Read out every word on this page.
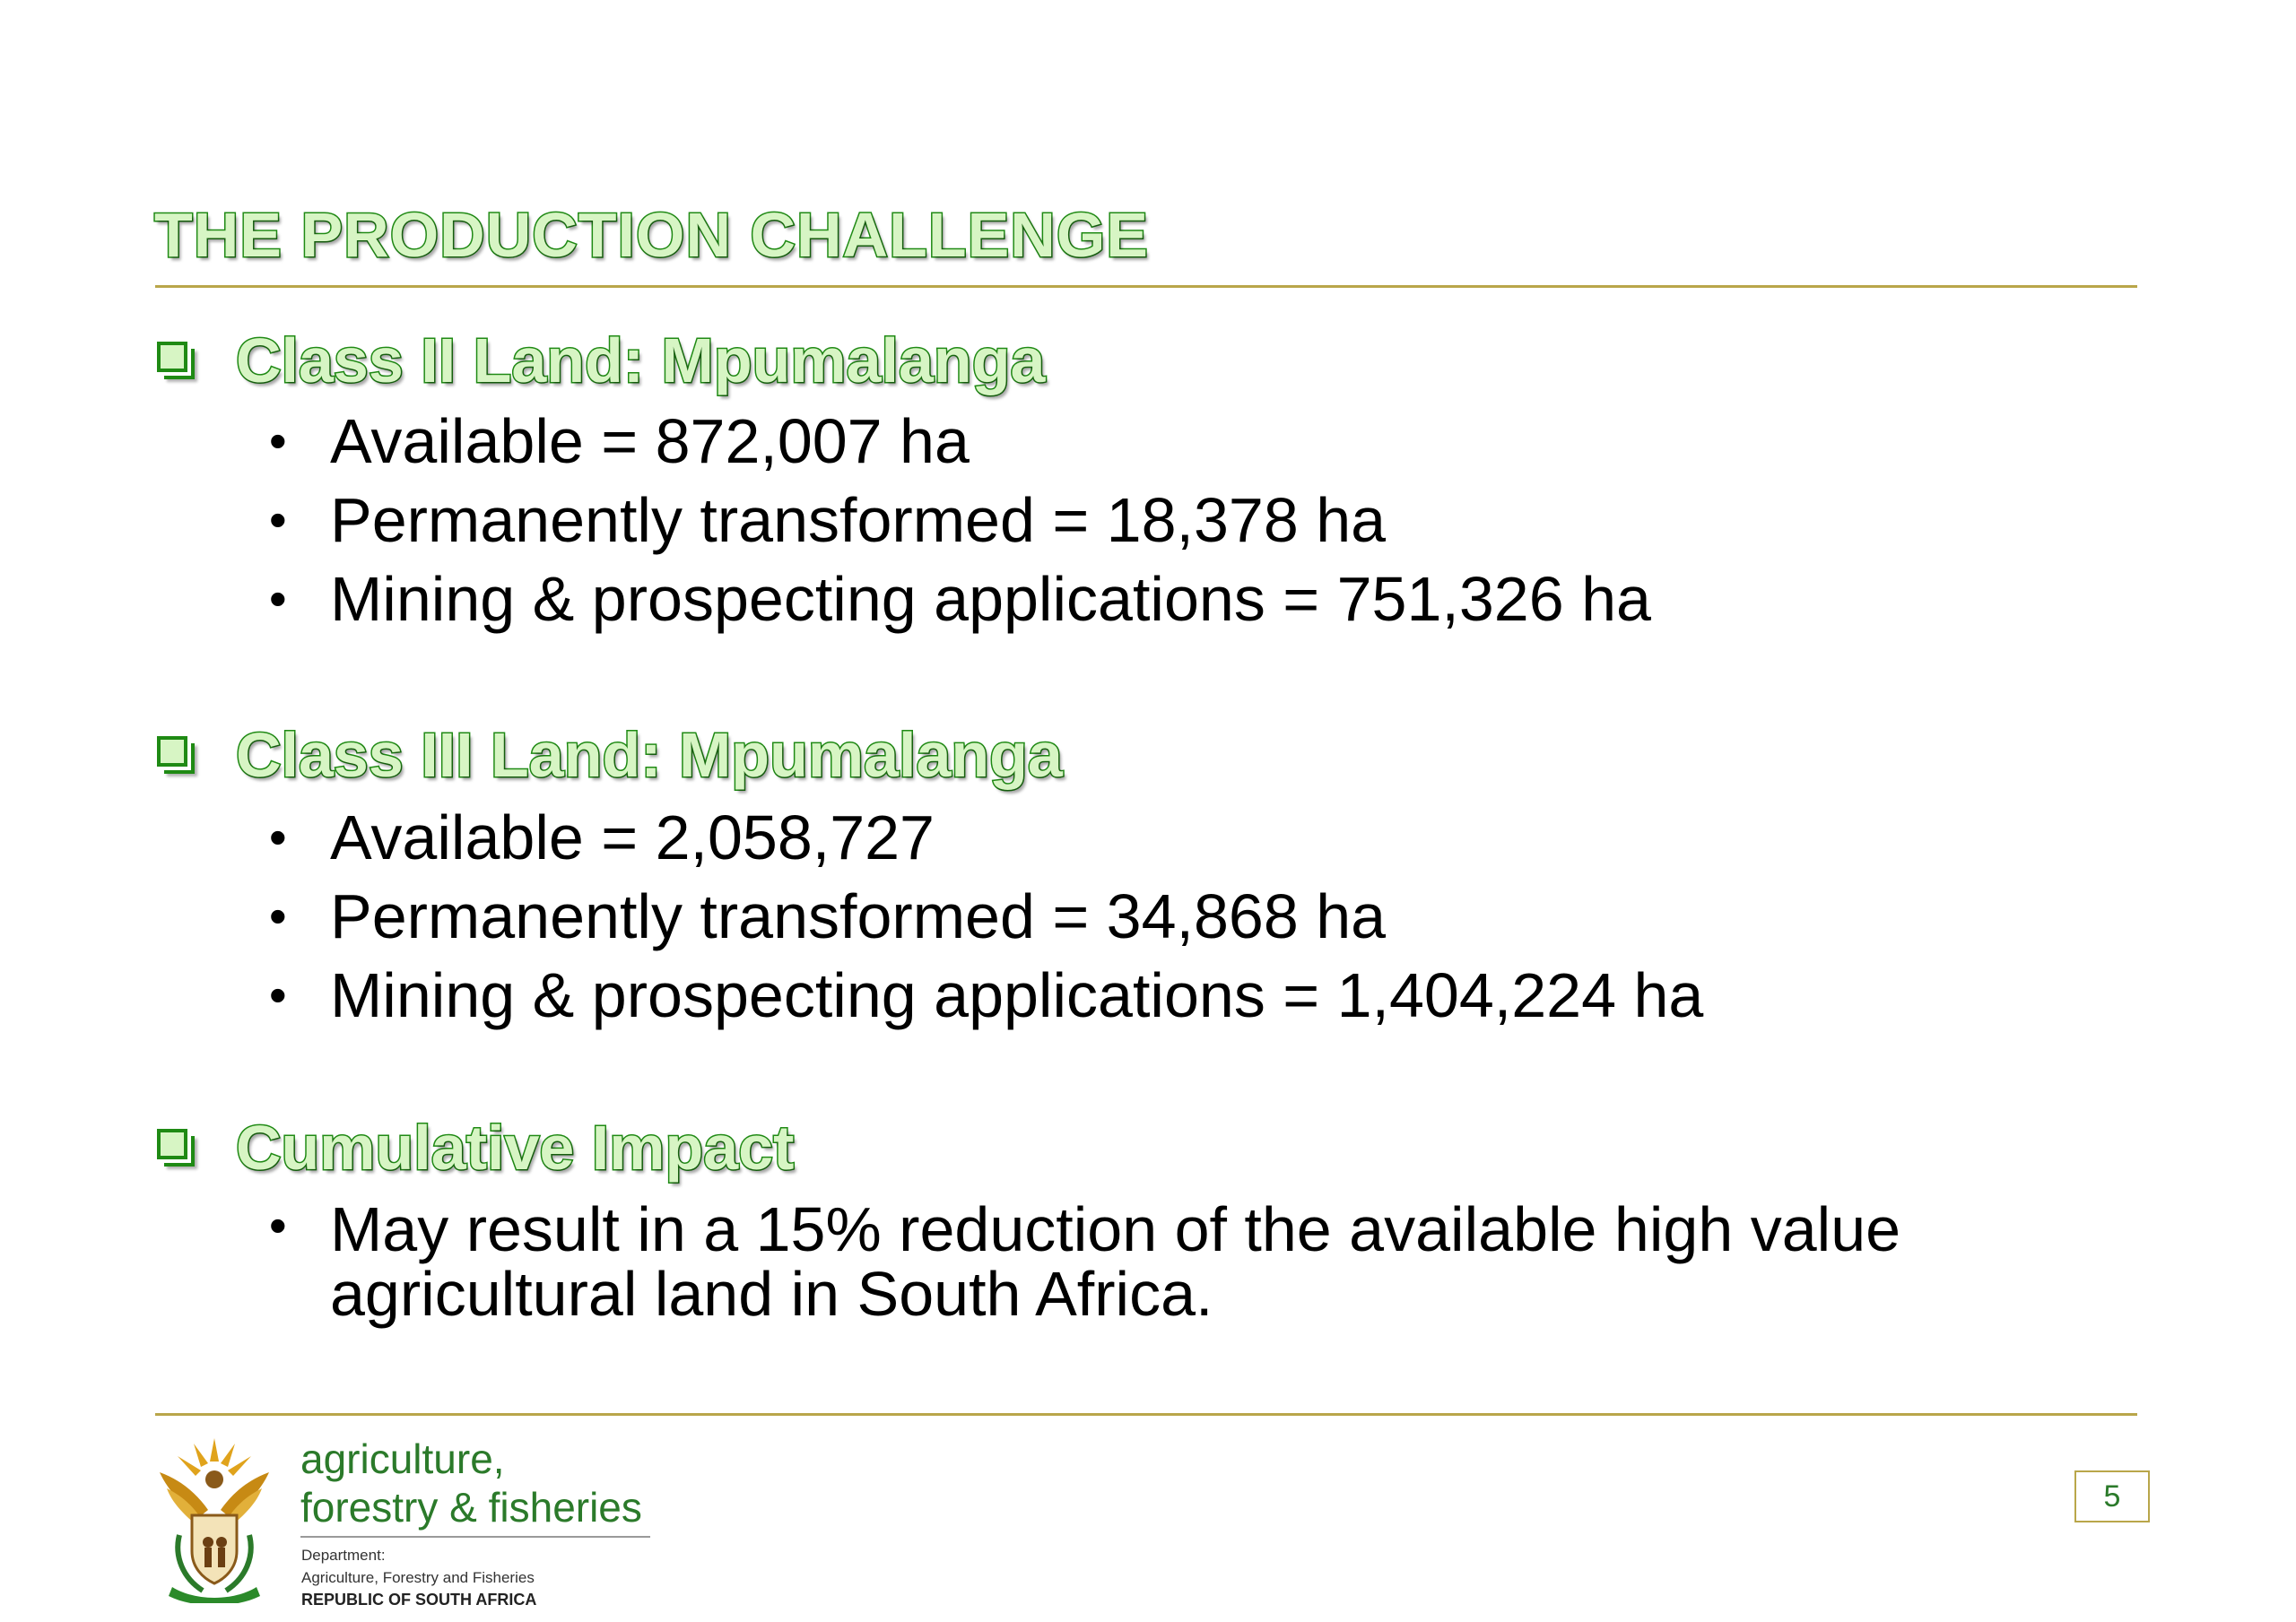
THE PRODUCTION CHALLENGE
Class II Land: Mpumalanga
• Available = 872,007 ha
• Permanently transformed = 18,378 ha
• Mining & prospecting applications = 751,326 ha
Class III Land: Mpumalanga
• Available = 2,058,727
• Permanently transformed = 34,868 ha
• Mining & prospecting applications = 1,404,224 ha
Cumulative Impact
• May result in a 15% reduction of the available high value agricultural land in South Africa.
agriculture,
forestry & fisheries
Department:
Agriculture, Forestry and Fisheries
REPUBLIC OF SOUTH AFRICA
5
